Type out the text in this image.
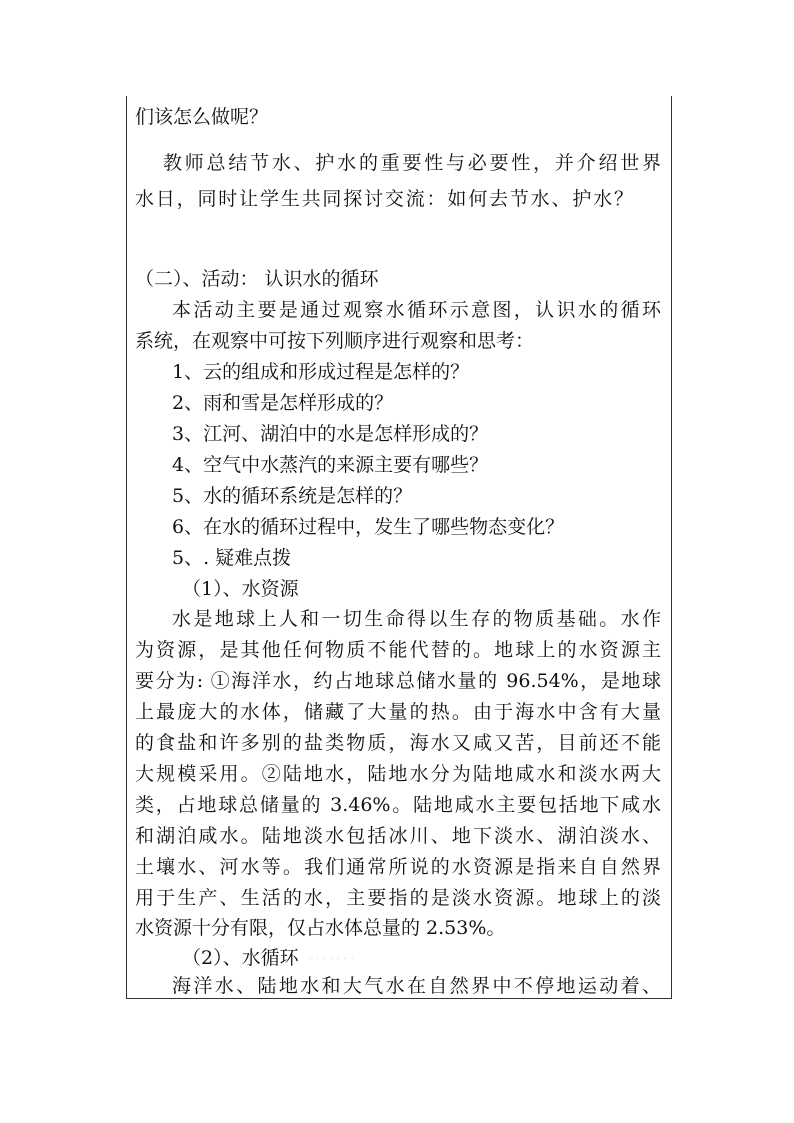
们该怎么做呢？
教师总结节水、护水的重要性与必要性，并介绍世界
水日，同时让学生共同探讨交流：如何去节水、护水？
（二）、活动： 认识水的循环
本活动主要是通过观察水循环示意图，认识水的循环
系统，在观察中可按下列顺序进行观察和思考：
1、云的组成和形成过程是怎样的？
2、雨和雪是怎样形成的？
3、江河、湖泊中的水是怎样形成的？
4、空气中水蒸汽的来源主要有哪些？
5、水的循环系统是怎样的？
6、在水的循环过程中，发生了哪些物态变化？
5、. 疑难点拨
（1）、水资源
水是地球上人和一切生命得以生存的物质基础。水作
为资源，是其他任何物质不能代替的。地球上的水资源主
要分为: ①海洋水，约占地球总储水量的 96.54%，是地球
上最庞大的水体，储藏了大量的热。由于海水中含有大量
的食盐和许多别的盐类物质，海水又咸又苦，目前还不能
大规模采用。②陆地水，陆地水分为陆地咸水和淡水两大
类，占地球总储量的 3.46%。陆地咸水主要包括地下咸水
和湖泊咸水。陆地淡水包括冰川、地下淡水、湖泊淡水、
土壤水、河水等。我们通常所说的水资源是指来自自然界
用于生产、生活的水，主要指的是淡水资源。地球上的淡
水资源十分有限，仅占水体总量的 2.53%。
（2）、水循环 · · · · · · ·
海洋水、陆地水和大气水在自然界中不停地运动着、
